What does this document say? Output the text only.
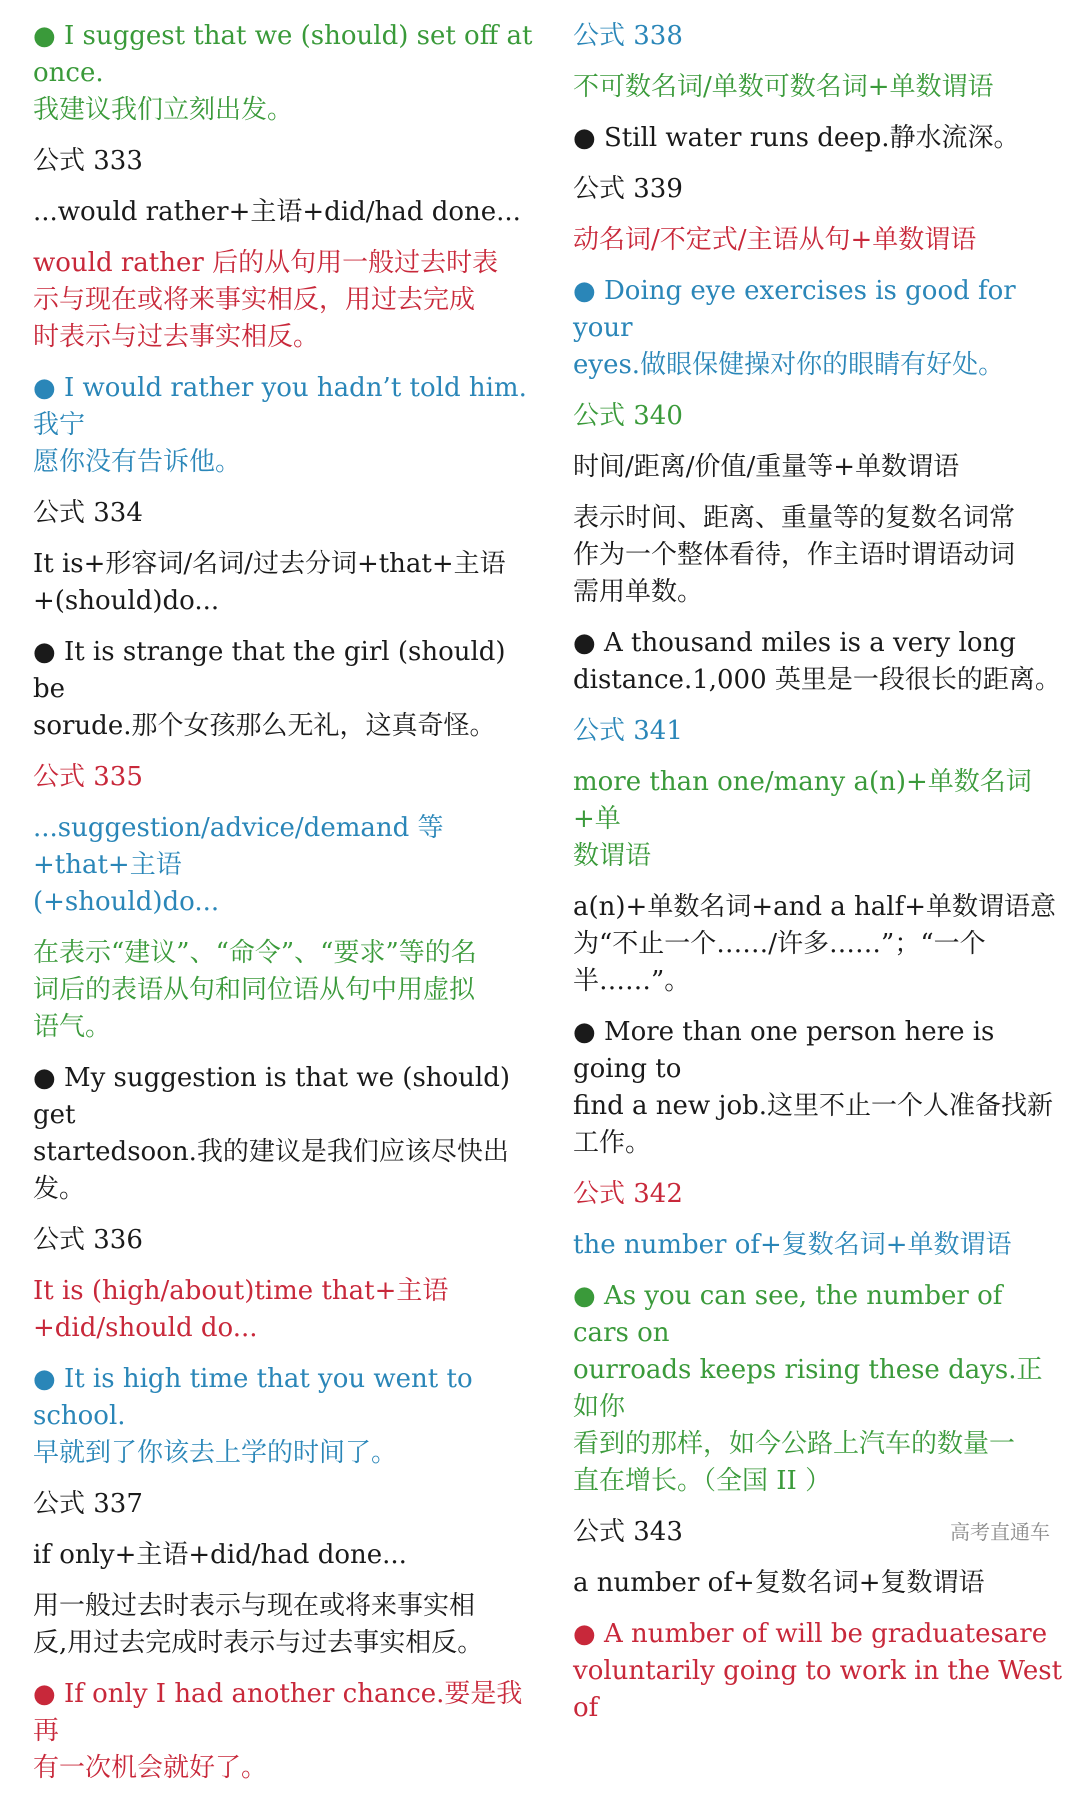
● I suggest that we (should) set off at once.
我建议我们立刻出发。
公式 333
...would rather+主语+did/had done...
would rather 后的从句用一般过去时表
示与现在或将来事实相反，用过去完成
时表示与过去事实相反。
● I would rather you hadn’t told him.我宁
愿你没有告诉他。
公式 334
It is+形容词/名词/过去分词+that+主语
+(should)do...
● It is strange that the girl (should) be
sorude.那个女孩那么无礼，这真奇怪。
公式 335
...suggestion/advice/demand 等+that+主语
(+should)do...
在表示“建议”、“命令”、“要求”等的名
词后的表语从句和同位语从句中用虚拟
语气。
● My suggestion is that we (should) get
startedsoon.我的建议是我们应该尽快出
发。
公式 336
It is (high/about)time that+主语
+did/should do...
● It is high time that you went to school.
早就到了你该去上学的时间了。
公式 337
if only+主语+did/had done...
用一般过去时表示与现在或将来事实相
反,用过去完成时表示与过去事实相反。
● If only I had another chance.要是我再
有一次机会就好了。
公式 338
不可数名词/单数可数名词+单数谓语
● Still water runs deep.静水流深。
公式 339
动名词/不定式/主语从句+单数谓语
● Doing eye exercises is good for your
eyes.做眼保健操对你的眼睛有好处。
公式 340
时间/距离/价值/重量等+单数谓语
表示时间、距离、重量等的复数名词常
作为一个整体看待，作主语时谓语动词
需用单数。
● A thousand miles is a very long
distance.1,000 英里是一段很长的距离。
公式 341
more than one/many a(n)+单数名词+单
数谓语
a(n)+单数名词+and a half+单数谓语意
为“不止一个……/许多……”；“一个
半……”。
● More than one person here is going to
find a new job.这里不止一个人准备找新
工作。
公式 342
the number of+复数名词+单数谓语
● As you can see, the number of cars on
ourroads keeps rising these days.正如你
看到的那样，如今公路上汽车的数量一
直在增长。（全国 II ）
公式 343
a number of+复数名词+复数谓语
● A number of will be graduatesare
voluntarily going to work in the West of
高考直通车
